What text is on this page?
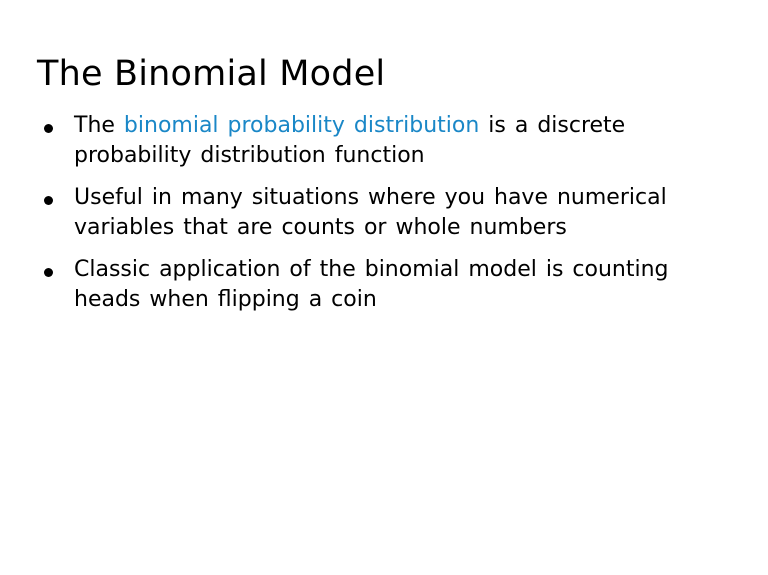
The Binomial Model
The binomial probability distribution is a discrete probability distribution function
Useful in many situations where you have numerical variables that are counts or whole numbers
Classic application of the binomial model is counting heads when flipping a coin
